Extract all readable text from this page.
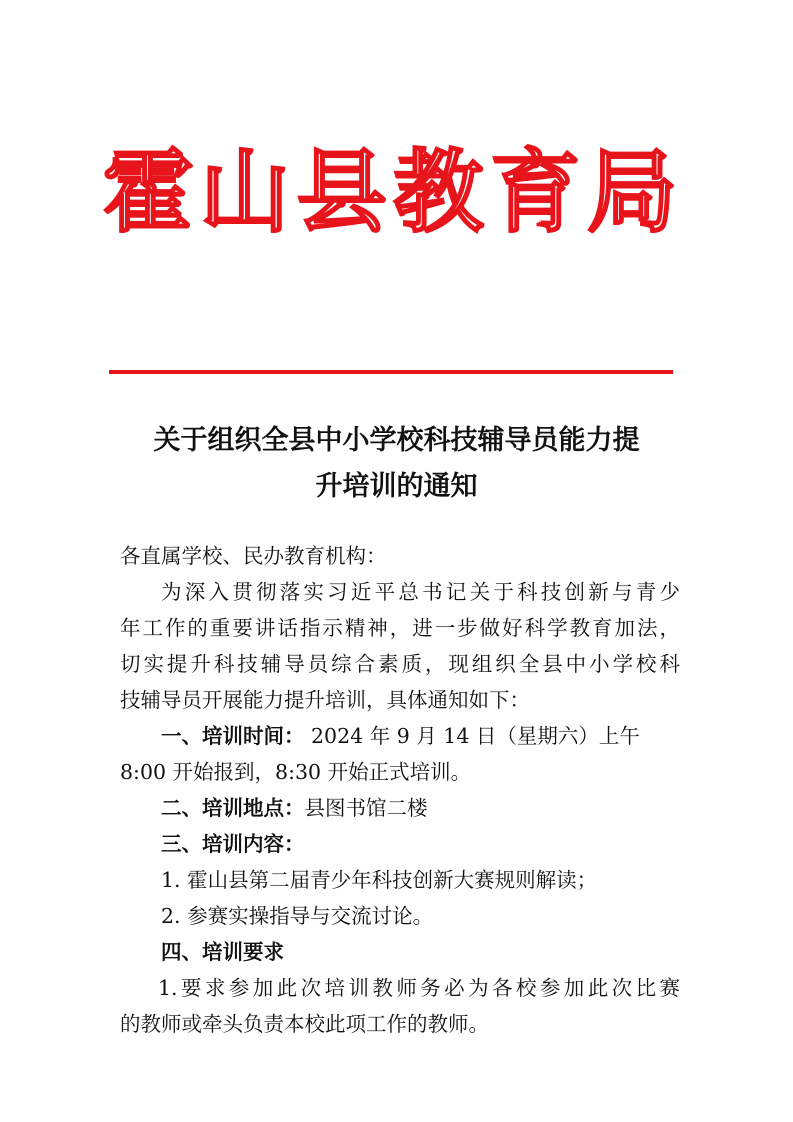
霍 山 县 教 育 局
关于组织全县中小学校科技辅导员能力提
升培训的通知
各直属学校、民办教育机构：
为深入贯彻落实习近平总书记关于科技创新与青少
年工作的重要讲话指示精神，进一步做好科学教育加法，
切实提升科技辅导员综合素质，现组织全县中小学校科
技辅导员开展能力提升培训，具体通知如下：
一、培训时间： 2024 年 9 月 14 日（星期六）上午
8:00 开始报到，8:30 开始正式培训。
二、培训地点：县图书馆二楼
三、培训内容：
1. 霍山县第二届青少年科技创新大赛规则解读；
2. 参赛实操指导与交流讨论。
四、培训要求
1.要求参加此次培训教师务必为各校参加此次比赛
的教师或牵头负责本校此项工作的教师。
